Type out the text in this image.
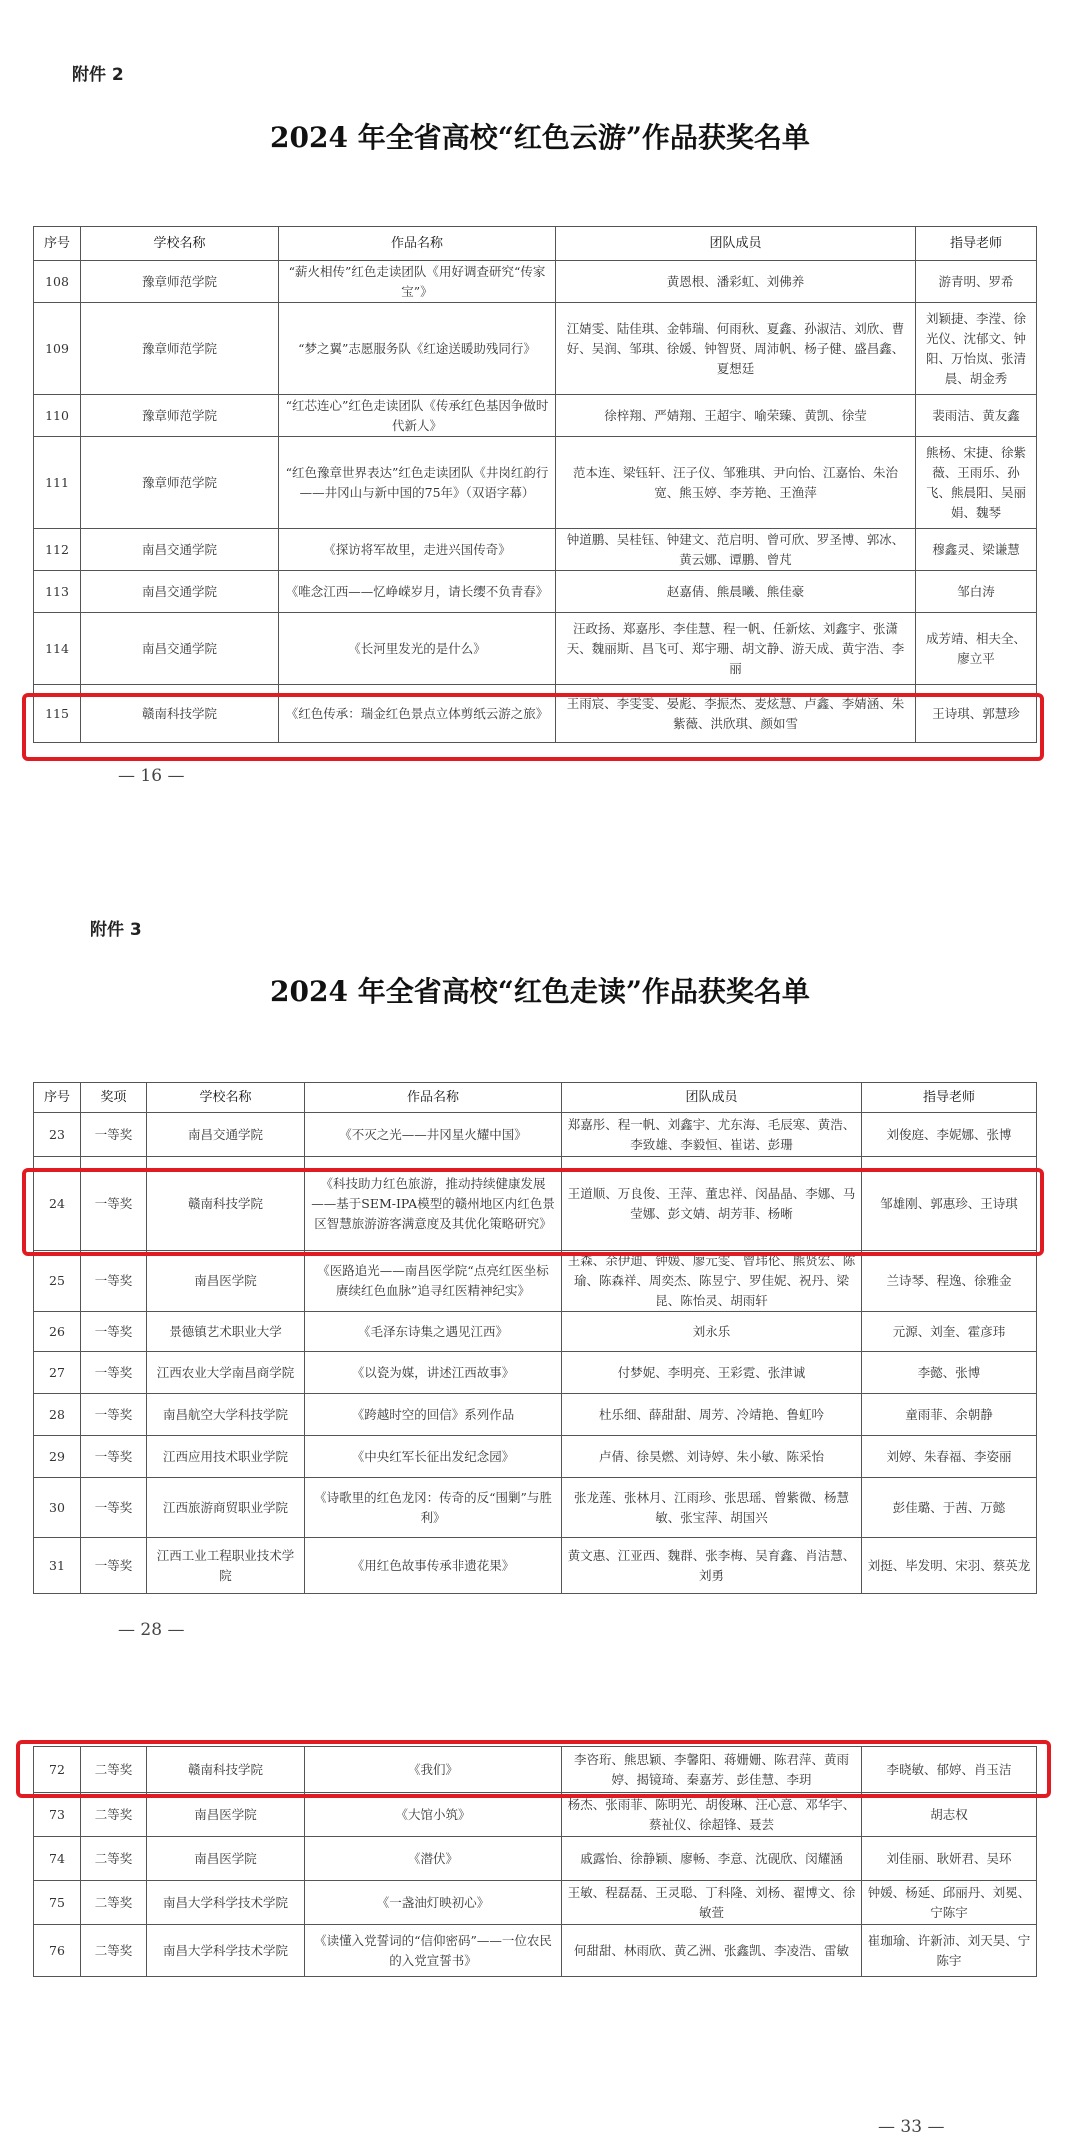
附件 2
2024 年全省高校“红色云游”作品获奖名单
序号	学校名称	作品名称	团队成员	指导老师
108	豫章师范学院	“薪火相传”红色走读团队《用好调查研究“传家宝”》	黄恩根、潘彩虹、刘佛养	游青明、罗希
109	豫章师范学院	“梦之翼”志愿服务队《红途送暖助残同行》	江婧雯、陆佳琪、金韩瑞、何雨秋、夏鑫、孙淑洁、刘欣、曹好、吴润、邹琪、徐媛、钟智贤、周沛帆、杨子健、盛昌鑫、夏想廷	刘颖捷、李滢、徐光仪、沈郁文、钟阳、万怡岚、张清晨、胡金秀
110	豫章师范学院	“红芯连心”红色走读团队《传承红色基因争做时代新人》	徐梓翔、严婧翔、王超宇、喻荣臻、黄凯、徐莹	裴雨洁、黄友鑫
111	豫章师范学院	“红色豫章世界表达”红色走读团队《井岗红韵行——井冈山与新中国的75年》（双语字幕）	范本连、梁钰轩、汪子仪、邹雅琪、尹向怡、江嘉怡、朱治宽、熊玉婷、李芳艳、王渔萍	熊杨、宋捷、徐紫薇、王雨乐、孙飞、熊晨阳、吴丽娟、魏琴
112	南昌交通学院	《探访将军故里，走进兴国传奇》	钟道鹏、吴桂钰、钟建文、范启明、曾可欣、罗圣博、郭冰、黄云娜、谭鹏、曾芃	穆鑫灵、梁谦慧
113	南昌交通学院	《唯念江西——忆峥嵘岁月，请长缨不负青春》	赵嘉倩、熊晨曦、熊佳豪	邹白涛
114	南昌交通学院	《长河里发光的是什么》	汪政扬、郑嘉彤、李佳慧、程一帆、任新炫、刘鑫宇、张潇天、魏丽斯、昌飞可、郑宇珊、胡文静、游天成、黄宇浩、李丽	成芳靖、相夫全、廖立平
115	赣南科技学院	《红色传承：瑞金红色景点立体剪纸云游之旅》	王雨宸、李雯雯、晏彪、李振杰、麦炫慧、卢鑫、李婧涵、朱紫薇、洪欣琪、颜如雪	王诗琪、郭慧珍
— 16 —
附件 3
2024 年全省高校“红色走读”作品获奖名单
序号	奖项	学校名称	作品名称	团队成员	指导老师
23	一等奖	南昌交通学院	《不灭之光——井冈星火耀中国》	郑嘉彤、程一帆、刘鑫宇、尤东海、毛辰寒、黄浩、李致雄、李毅恒、崔诺、彭珊	刘俊庭、李妮娜、张博
24	一等奖	赣南科技学院	《科技助力红色旅游，推动持续健康发展——基于SEM-IPA模型的赣州地区内红色景区智慧旅游游客满意度及其优化策略研究》	王道顺、万良俊、王萍、董忠祥、闵晶晶、李娜、马莹娜、彭文婧、胡芳菲、杨晰	邹雄刚、郭惠珍、王诗琪
25	一等奖	南昌医学院	《医路追光——南昌医学院“点亮红医坐标 赓续红色血脉”追寻红医精神纪实》	王森、余伊迪、钟媛、廖元雯、曾玮伦、熊贤宏、陈瑜、陈森祥、周奕杰、陈昱宁、罗佳妮、祝丹、梁昆、陈怡灵、胡雨轩	兰诗琴、程逸、徐雅金
26	一等奖	景德镇艺术职业大学	《毛泽东诗集之遇见江西》	刘永乐	元源、刘奎、霍彦玮
27	一等奖	江西农业大学南昌商学院	《以瓷为媒，讲述江西故事》	付梦妮、李明亮、王彩霓、张津诚	李懿、张博
28	一等奖	南昌航空大学科技学院	《跨越时空的回信》系列作品	杜乐细、薛甜甜、周芳、冷靖艳、鲁虹吟	童雨菲、余朝静
29	一等奖	江西应用技术职业学院	《中央红军长征出发纪念园》	卢倩、徐昊燃、刘诗婷、朱小敏、陈采怡	刘婷、朱春福、李姿丽
30	一等奖	江西旅游商贸职业学院	《诗歌里的红色龙冈：传奇的反“围剿”与胜利》	张龙莲、张林月、江雨珍、张思瑶、曾紫微、杨慧敏、张宝萍、胡国兴	彭佳璐、于茜、万懿
31	一等奖	江西工业工程职业技术学院	《用红色故事传承非遗花果》	黄文惠、江亚西、魏群、张李梅、吴育鑫、肖洁慧、刘勇	刘挺、毕发明、宋羽、蔡英龙
— 28 —
72	二等奖	赣南科技学院	《我们》	李咨珩、熊思颖、李馨阳、蒋姗姗、陈君萍、黄雨婷、揭镜琦、秦嘉芳、彭佳慧、李玥	李晓敏、郁婷、肖玉洁
73	二等奖	南昌医学院	《大馆小筑》	杨杰、张雨菲、陈明光、胡俊琳、汪心意、邓华宇、蔡祉仪、徐超锋、聂芸	胡志权
74	二等奖	南昌医学院	《潜伏》	戚露怡、徐静颖、廖畅、李意、沈砚欣、闵耀涵	刘佳丽、耿妍君、吴环
75	二等奖	南昌大学科学技术学院	《一盏油灯映初心》	王敏、程磊磊、王灵聪、丁科隆、刘杨、翟博文、徐敏萱	钟媛、杨延、邱丽丹、刘冕、宁陈宇
76	二等奖	南昌大学科学技术学院	《读懂入党誓词的“信仰密码”——一位农民的入党宣誓书》	何甜甜、林雨欣、黄乙洲、张鑫凯、李凌浩、雷敏	崔珈瑜、许新沛、刘天昊、宁陈宇
— 33 —
